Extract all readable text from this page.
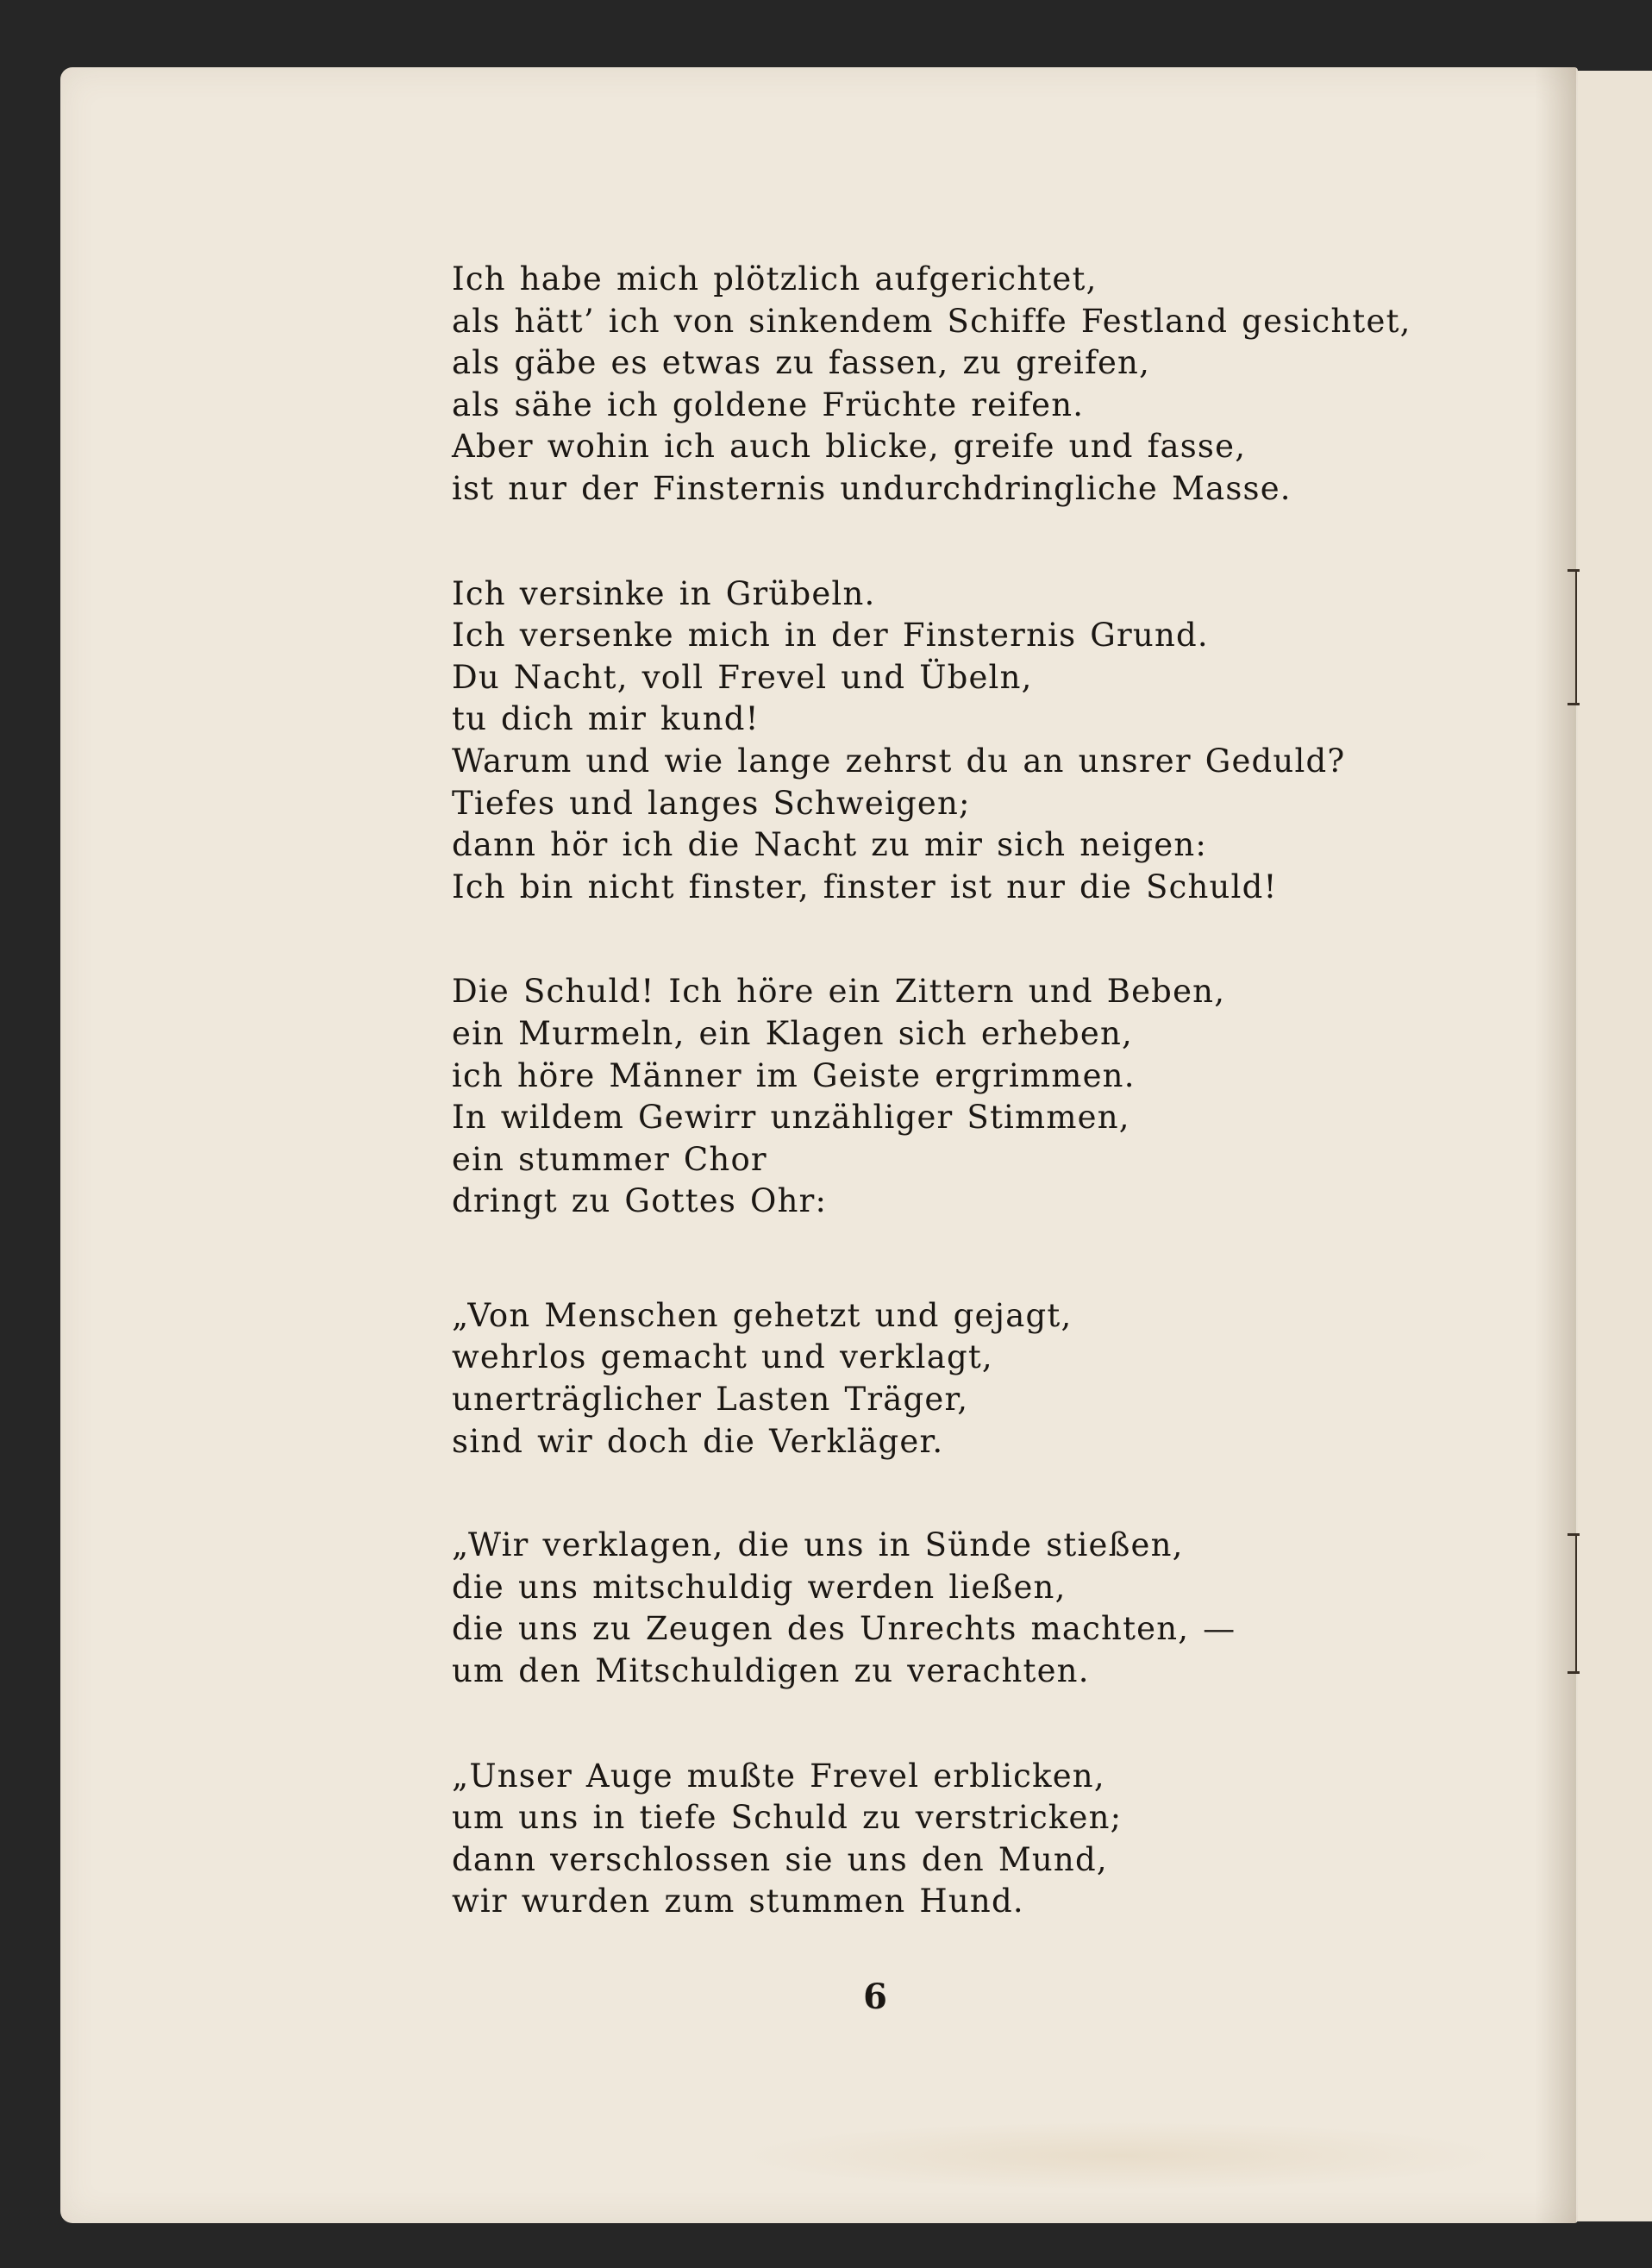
Ich habe mich plötzlich aufgerichtet,
als hätt’ ich von sinkendem Schiffe Festland gesichtet,
als gäbe es etwas zu fassen, zu greifen,
als sähe ich goldene Früchte reifen.
Aber wohin ich auch blicke, greife und fasse,
ist nur der Finsternis undurchdringliche Masse.
Ich versinke in Grübeln.
Ich versenke mich in der Finsternis Grund.
Du Nacht, voll Frevel und Übeln,
tu dich mir kund!
Warum und wie lange zehrst du an unsrer Geduld?
Tiefes und langes Schweigen;
dann hör ich die Nacht zu mir sich neigen:
Ich bin nicht finster, finster ist nur die Schuld!
Die Schuld! Ich höre ein Zittern und Beben,
ein Murmeln, ein Klagen sich erheben,
ich höre Männer im Geiste ergrimmen.
In wildem Gewirr unzähliger Stimmen,
ein stummer Chor
dringt zu Gottes Ohr:
„Von Menschen gehetzt und gejagt,
wehrlos gemacht und verklagt,
unerträglicher Lasten Träger,
sind wir doch die Verkläger.
„Wir verklagen, die uns in Sünde stießen,
die uns mitschuldig werden ließen,
die uns zu Zeugen des Unrechts machten, —
um den Mitschuldigen zu verachten.
„Unser Auge mußte Frevel erblicken,
um uns in tiefe Schuld zu verstricken;
dann verschlossen sie uns den Mund,
wir wurden zum stummen Hund.
6
